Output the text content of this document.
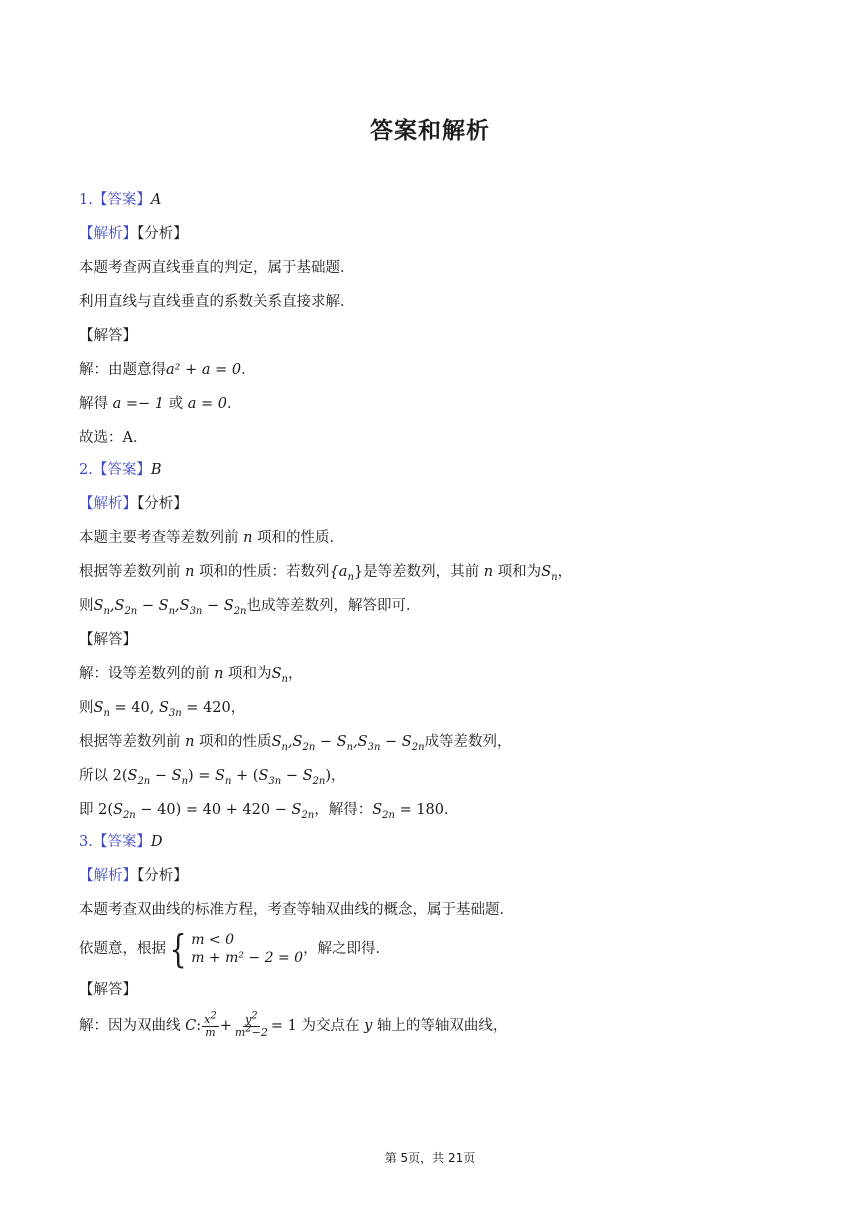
答案和解析
1.【答案】A
【解析】【分析】
本题考查两直线垂直的判定，属于基础题．
利用直线与直线垂直的系数关系直接求解．
【解答】
解：由题意得a² + a = 0．
解得 a =− 1 或 a = 0．
故选：A．
2.【答案】B
【解析】【分析】
本题主要考查等差数列前 n 项和的性质．
根据等差数列前 n 项和的性质：若数列$\{a_n\}$是等差数列，其前 n 项和为$S_n$，
则$S_n,S_{2n} - S_n,S_{3n} - S_{2n}$也成等差数列，解答即可．
【解答】
解：设等差数列的前 n 项和为$S_n$，
则$S_n = 40$, $S_{3n} = 420$，
根据等差数列前 n 项和的性质$S_n,S_{2n} - S_n,S_{3n} - S_{2n}$成等差数列，
所以 $2(S_{2n} - S_n) = S_n + (S_{3n} - S_{2n})$，
即 $2(S_{2n} - 40) = 40 + 420 - S_{2n}$，解得：$S_{2n} = 180$．
3.【答案】D
【解析】【分析】
本题考查双曲线的标准方程，考查等轴双曲线的概念，属于基础题．
依题意，根据 { m < 0
m + m² − 2 = 0
，解之即得．
【解答】
解：因为双曲线 C: $\frac{x^2}{m} + \frac{y^2}{m^2-2} = 1$ 为交点在 y 轴上的等轴双曲线，
第 5页，共 21页
